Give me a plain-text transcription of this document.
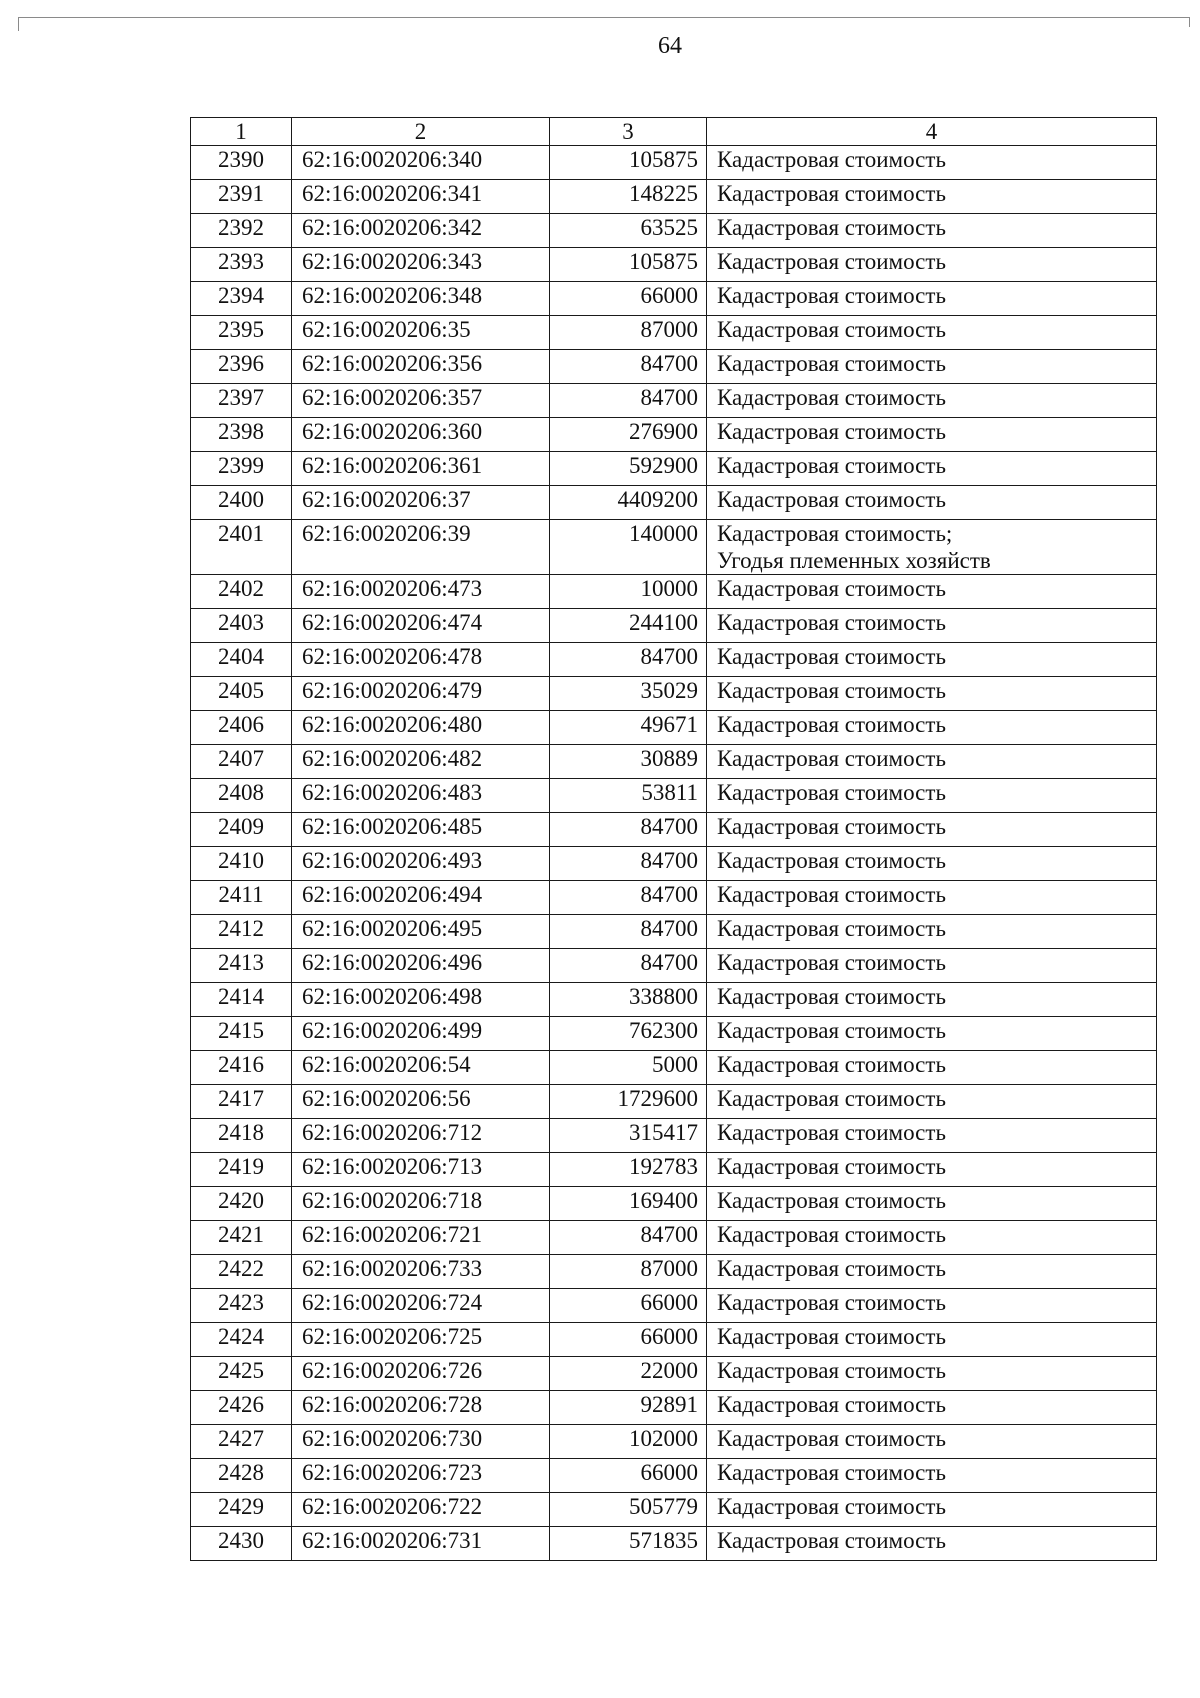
64
1	2	3	4
2390	62:16:0020206:340	105875	Кадастровая стоимость

2391	62:16:0020206:341	148225	Кадастровая стоимость

2392	62:16:0020206:342	63525	Кадастровая стоимость

2393	62:16:0020206:343	105875	Кадастровая стоимость

2394	62:16:0020206:348	66000	Кадастровая стоимость

2395	62:16:0020206:35	87000	Кадастровая стоимость

2396	62:16:0020206:356	84700	Кадастровая стоимость

2397	62:16:0020206:357	84700	Кадастровая стоимость

2398	62:16:0020206:360	276900	Кадастровая стоимость

2399	62:16:0020206:361	592900	Кадастровая стоимость

2400	62:16:0020206:37	4409200	Кадастровая стоимость

2401	62:16:0020206:39	140000	Кадастровая стоимость;
Угодья племенных хозяйств

2402	62:16:0020206:473	10000	Кадастровая стоимость

2403	62:16:0020206:474	244100	Кадастровая стоимость

2404	62:16:0020206:478	84700	Кадастровая стоимость

2405	62:16:0020206:479	35029	Кадастровая стоимость

2406	62:16:0020206:480	49671	Кадастровая стоимость

2407	62:16:0020206:482	30889	Кадастровая стоимость

2408	62:16:0020206:483	53811	Кадастровая стоимость

2409	62:16:0020206:485	84700	Кадастровая стоимость

2410	62:16:0020206:493	84700	Кадастровая стоимость

2411	62:16:0020206:494	84700	Кадастровая стоимость

2412	62:16:0020206:495	84700	Кадастровая стоимость

2413	62:16:0020206:496	84700	Кадастровая стоимость

2414	62:16:0020206:498	338800	Кадастровая стоимость

2415	62:16:0020206:499	762300	Кадастровая стоимость

2416	62:16:0020206:54	5000	Кадастровая стоимость

2417	62:16:0020206:56	1729600	Кадастровая стоимость

2418	62:16:0020206:712	315417	Кадастровая стоимость

2419	62:16:0020206:713	192783	Кадастровая стоимость

2420	62:16:0020206:718	169400	Кадастровая стоимость

2421	62:16:0020206:721	84700	Кадастровая стоимость

2422	62:16:0020206:733	87000	Кадастровая стоимость

2423	62:16:0020206:724	66000	Кадастровая стоимость

2424	62:16:0020206:725	66000	Кадастровая стоимость

2425	62:16:0020206:726	22000	Кадастровая стоимость

2426	62:16:0020206:728	92891	Кадастровая стоимость

2427	62:16:0020206:730	102000	Кадастровая стоимость

2428	62:16:0020206:723	66000	Кадастровая стоимость

2429	62:16:0020206:722	505779	Кадастровая стоимость

2430	62:16:0020206:731	571835	Кадастровая стоимость
